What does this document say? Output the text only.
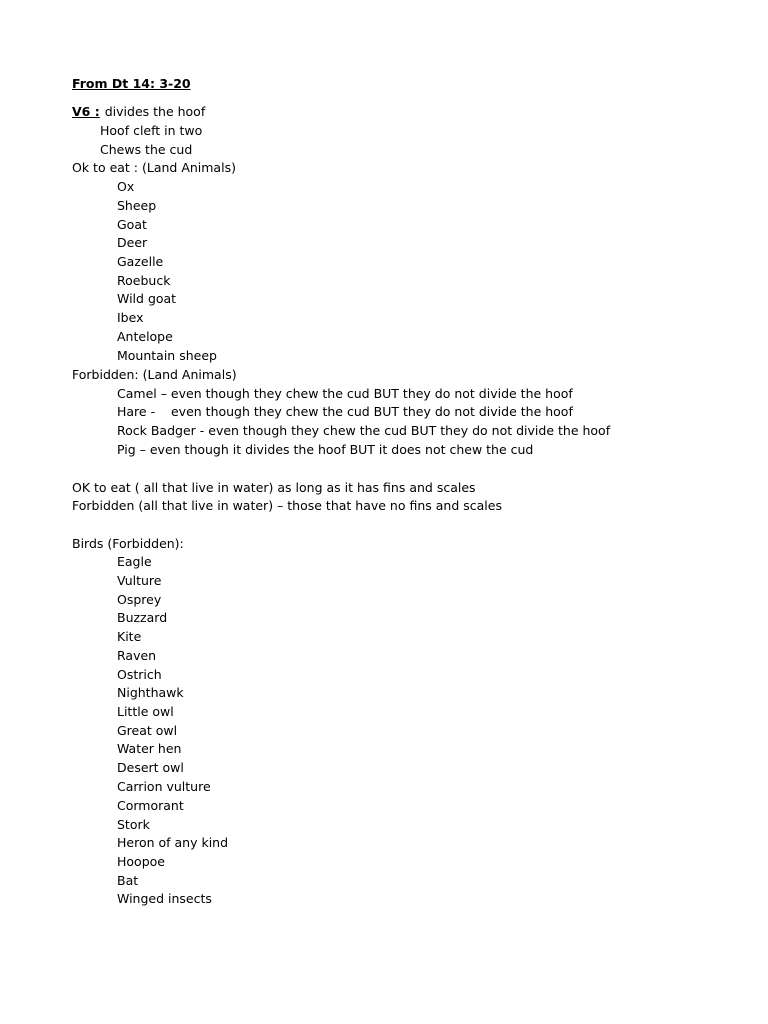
From Dt 14: 3-20
V6 : divides the hoof
Hoof cleft in two
Chews the cud
Ok to eat : (Land Animals)
Ox
Sheep
Goat
Deer
Gazelle
Roebuck
Wild goat
Ibex
Antelope
Mountain sheep
Forbidden: (Land Animals)
Camel – even though they chew the cud BUT they do not divide the hoof
Hare -    even though they chew the cud BUT they do not divide the hoof
Rock Badger - even though they chew the cud BUT they do not divide the hoof
Pig – even though it divides the hoof BUT it does not chew the cud
OK to eat ( all that live in water) as long as it has fins and scales
Forbidden (all that live in water) – those that have no fins and scales
Birds (Forbidden):
Eagle
Vulture
Osprey
Buzzard
Kite
Raven
Ostrich
Nighthawk
Little owl
Great owl
Water hen
Desert owl
Carrion vulture
Cormorant
Stork
Heron of any kind
Hoopoe
Bat
Winged insects
